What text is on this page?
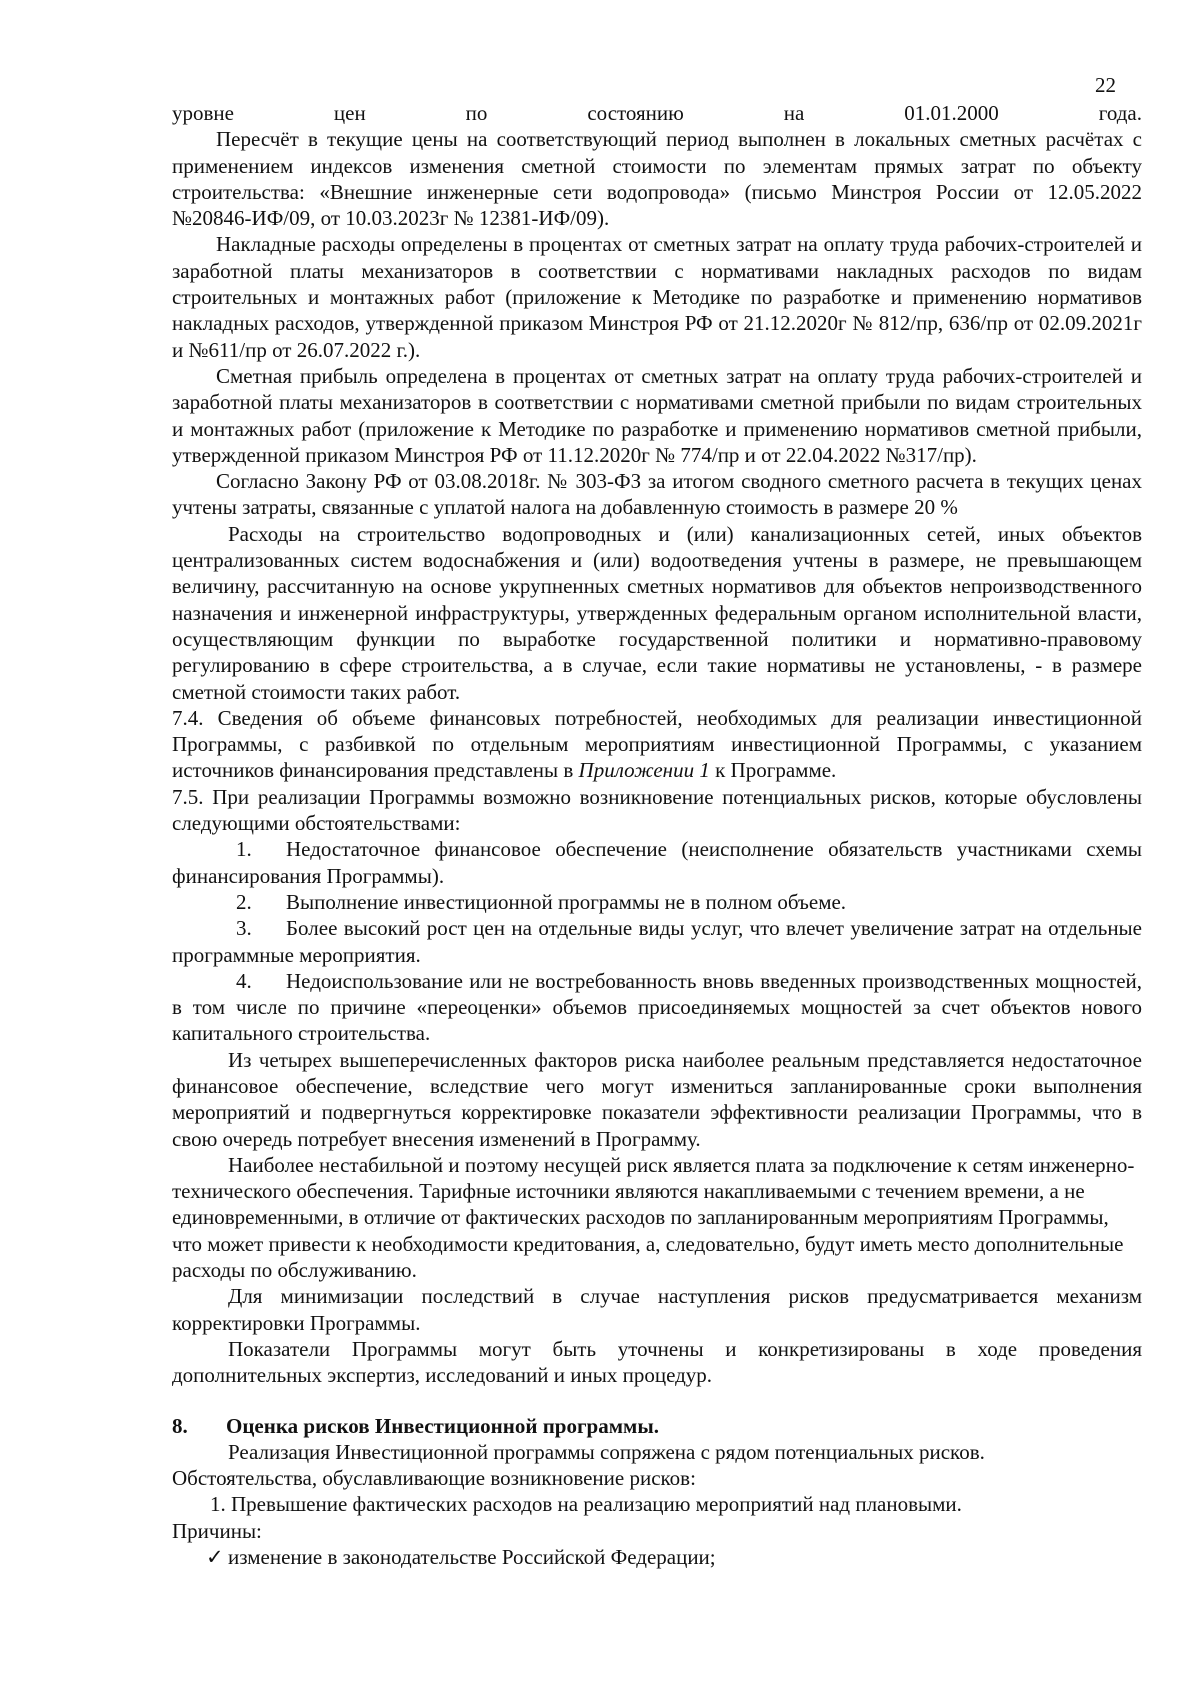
22

уровне цен по состоянию на 01.01.2000 года.

Пересчёт в текущие цены на соответствующий период выполнен в локальных сметных расчётах с применением индексов изменения сметной стоимости по элементам прямых затрат по объекту строительства: «Внешние инженерные сети водопровода» (письмо Минстроя России от 12.05.2022 №20846-ИФ/09, от 10.03.2023г № 12381-ИФ/09).

Накладные расходы определены в процентах от сметных затрат на оплату труда рабочих-строителей и заработной платы механизаторов в соответствии с нормативами накладных расходов по видам строительных и монтажных работ (приложение к Методике по разработке и применению нормативов накладных расходов, утвержденной приказом Минстроя РФ от 21.12.2020г № 812/пр, 636/пр от 02.09.2021г и №611/пр от 26.07.2022 г.).

Сметная прибыль определена в процентах от сметных затрат на оплату труда рабочих-строителей и заработной платы механизаторов в соответствии с нормативами сметной прибыли по видам строительных и монтажных работ (приложение к Методике по разработке и применению нормативов сметной прибыли, утвержденной приказом Минстроя РФ от 11.12.2020г № 774/пр и от 22.04.2022 №317/пр).

Согласно Закону РФ от 03.08.2018г. № 303-ФЗ за итогом сводного сметного расчета в текущих ценах учтены затраты, связанные с уплатой налога на добавленную стоимость в размере 20 %

Расходы на строительство водопроводных и (или) канализационных сетей, иных объектов централизованных систем водоснабжения и (или) водоотведения учтены в размере, не превышающем величину, рассчитанную на основе укрупненных сметных нормативов для объектов непроизводственного назначения и инженерной инфраструктуры, утвержденных федеральным органом исполнительной власти, осуществляющим функции по выработке государственной политики и нормативно-правовому регулированию в сфере строительства, а в случае, если такие нормативы не установлены, - в размере сметной стоимости таких работ.

7.4. Сведения об объеме финансовых потребностей, необходимых для реализации инвестиционной Программы, с разбивкой по отдельным мероприятиям инвестиционной Программы, с указанием источников финансирования представлены в Приложении 1 к Программе.

7.5. При реализации Программы возможно возникновение потенциальных рисков, которые обусловлены следующими обстоятельствами:

1. Недостаточное финансовое обеспечение (неисполнение обязательств участниками схемы финансирования Программы).

2. Выполнение инвестиционной программы не в полном объеме.

3. Более высокий рост цен на отдельные виды услуг, что влечет увеличение затрат на отдельные программные мероприятия.

4. Недоиспользование или не востребованность вновь введенных производственных мощностей, в том числе по причине «переоценки» объемов присоединяемых мощностей за счет объектов нового капитального строительства.

Из четырех вышеперечисленных факторов риска наиболее реальным представляется недостаточное финансовое обеспечение, вследствие чего могут измениться запланированные сроки выполнения мероприятий и подвергнуться корректировке показатели эффективности реализации Программы, что в свою очередь потребует внесения изменений в Программу.

Наиболее нестабильной и поэтому несущей риск является плата за подключение к сетям инженерно-технического обеспечения. Тарифные источники являются накапливаемыми с течением времени, а не единовременными, в отличие от фактических расходов по запланированным мероприятиям Программы, что может привести к необходимости кредитования, а, следовательно, будут иметь место дополнительные расходы по обслуживанию.

Для минимизации последствий в случае наступления рисков предусматривается механизм корректировки Программы.

Показатели Программы могут быть уточнены и конкретизированы в ходе проведения дополнительных экспертиз, исследований и иных процедур.

8. Оценка рисков Инвестиционной программы.

Реализация Инвестиционной программы сопряжена с рядом потенциальных рисков.

Обстоятельства, обуславливающие возникновение рисков:

1. Превышение фактических расходов на реализацию мероприятий над плановыми.

Причины:

✓ изменение в законодательстве Российской Федерации;
